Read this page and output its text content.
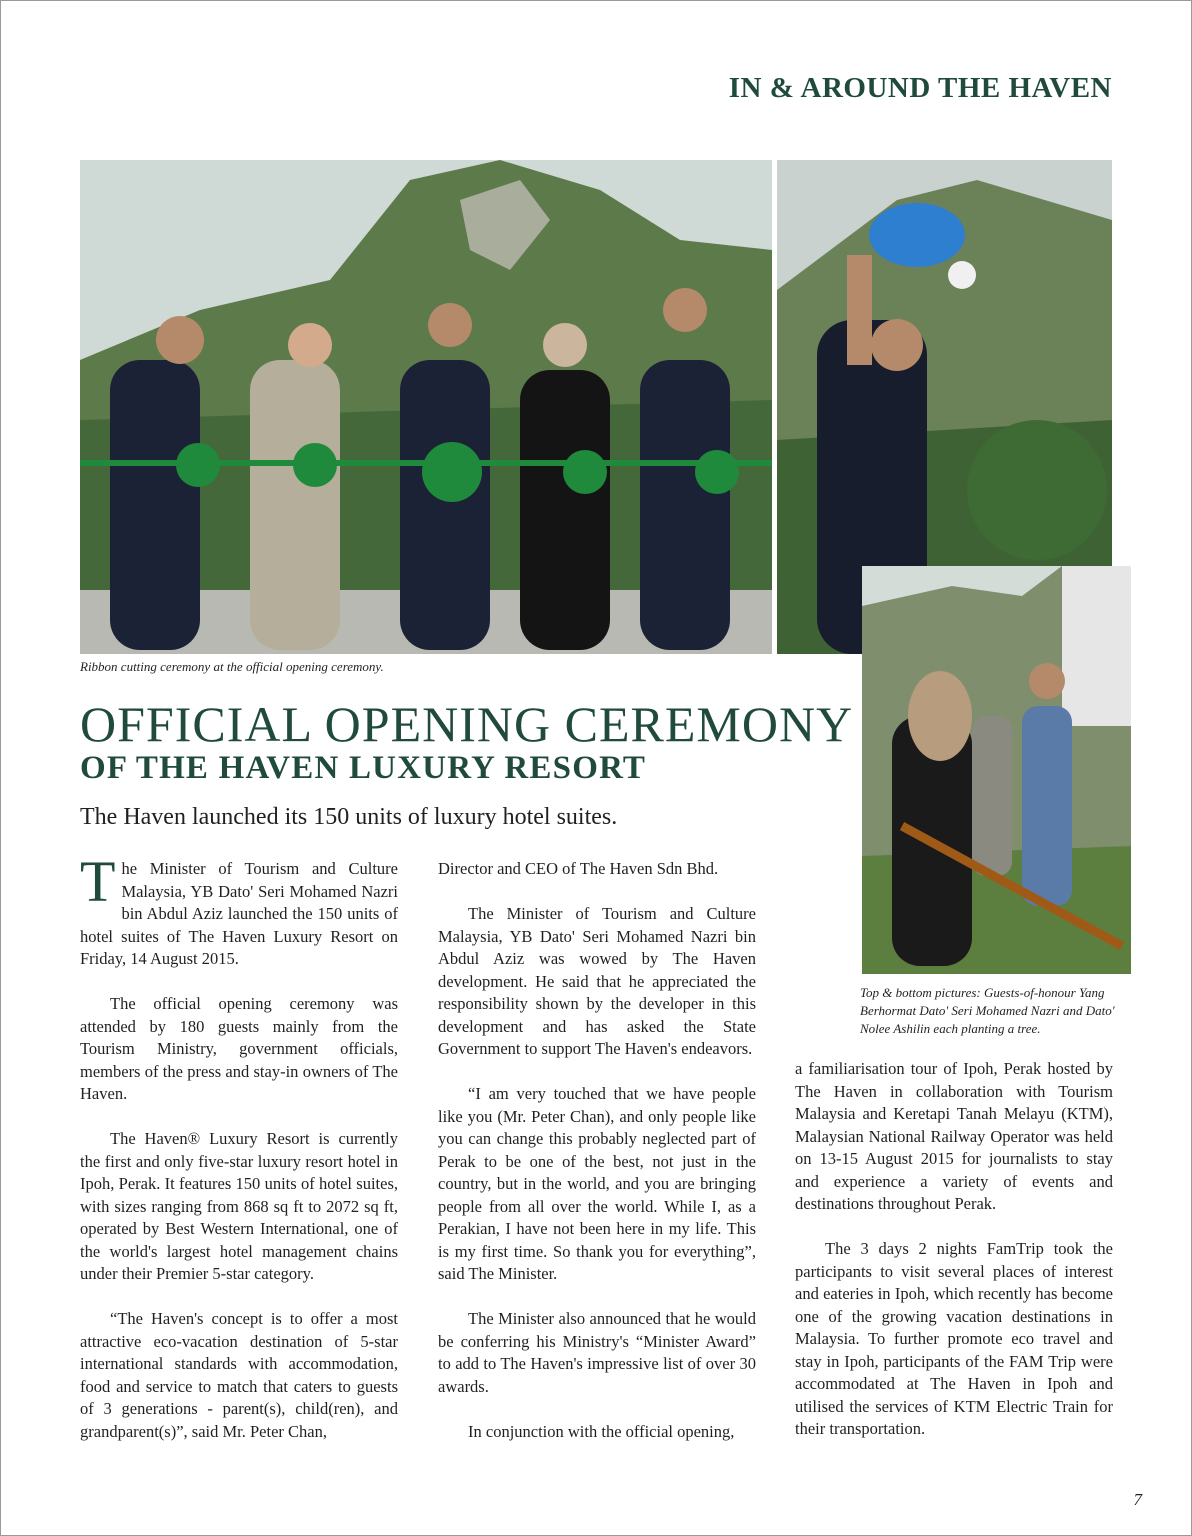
IN & AROUND THE HAVEN

Ribbon cutting ceremony at the official opening ceremony.

Top & bottom pictures: Guests-of-honour Yang Berhormat Dato' Seri Mohamed Nazri and Dato' Nolee Ashilin each planting a tree.

OFFICIAL OPENING CEREMONY
OF THE HAVEN LUXURY RESORT

The Haven launched its 150 units of luxury hotel suites.

The Minister of Tourism and Culture Malaysia, YB Dato' Seri Mohamed Nazri bin Abdul Aziz launched the 150 units of hotel suites of The Haven Luxury Resort on Friday, 14 August 2015.

The official opening ceremony was attended by 180 guests mainly from the Tourism Ministry, government officials, members of the press and stay-in owners of The Haven.

The Haven® Luxury Resort is currently the first and only five-star luxury resort hotel in Ipoh, Perak. It features 150 units of hotel suites, with sizes ranging from 868 sq ft to 2072 sq ft, operated by Best Western International, one of the world's largest hotel management chains under their Premier 5-star category.

“The Haven's concept is to offer a most attractive eco-vacation destination of 5-star international standards with accommodation, food and service to match that caters to guests of 3 generations - parent(s), child(ren), and grandparent(s)”, said Mr. Peter Chan,

Director and CEO of The Haven Sdn Bhd.

The Minister of Tourism and Culture Malaysia, YB Dato' Seri Mohamed Nazri bin Abdul Aziz was wowed by The Haven development. He said that he appreciated the responsibility shown by the developer in this development and has asked the State Government to support The Haven's endeavors.

“I am very touched that we have people like you (Mr. Peter Chan), and only people like you can change this probably neglected part of Perak to be one of the best, not just in the country, but in the world, and you are bringing people from all over the world. While I, as a Perakian, I have not been here in my life. This is my first time. So thank you for everything”, said The Minister.

The Minister also announced that he would be conferring his Ministry's “Minister Award” to add to The Haven's impressive list of over 30 awards.

In conjunction with the official opening,

a familiarisation tour of Ipoh, Perak hosted by The Haven in collaboration with Tourism Malaysia and Keretapi Tanah Melayu (KTM), Malaysian National Railway Operator was held on 13-15 August 2015 for journalists to stay and experience a variety of events and destinations throughout Perak.

The 3 days 2 nights FamTrip took the participants to visit several places of interest and eateries in Ipoh, which recently has become one of the growing vacation destinations in Malaysia. To further promote eco travel and stay in Ipoh, participants of the FAM Trip were accommodated at The Haven in Ipoh and utilised the services of KTM Electric Train for their transportation.

7
